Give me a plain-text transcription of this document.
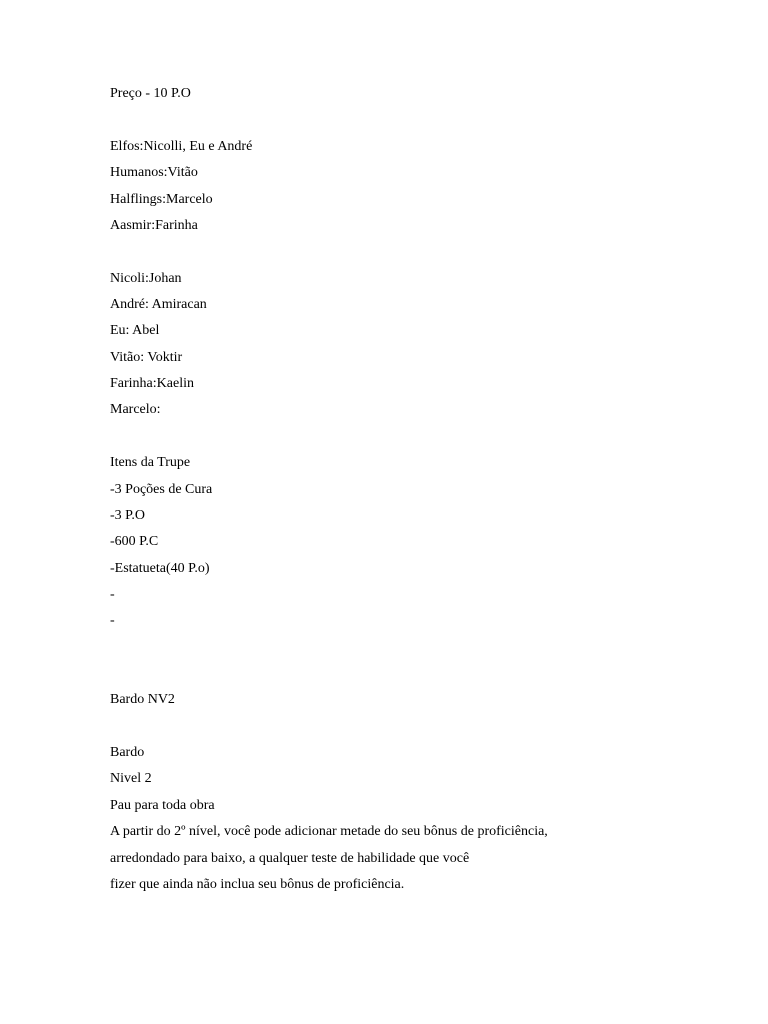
Preço - 10 P.O
Elfos:Nicolli, Eu e André
Humanos:Vitão
Halflings:Marcelo
Aasmir:Farinha
Nicoli:Johan
André: Amiracan
Eu: Abel
Vitão: Voktir
Farinha:Kaelin
Marcelo:
Itens da Trupe
-3 Poções de Cura
-3 P.O
-600 P.C
-Estatueta(40 P.o)
-
-
Bardo NV2
Bardo
Nivel 2
Pau para toda obra
A partir do 2º nível, você pode adicionar metade do seu bônus de proficiência,
arredondado para baixo, a qualquer teste de habilidade que você
fizer que ainda não inclua seu bônus de proficiência.
